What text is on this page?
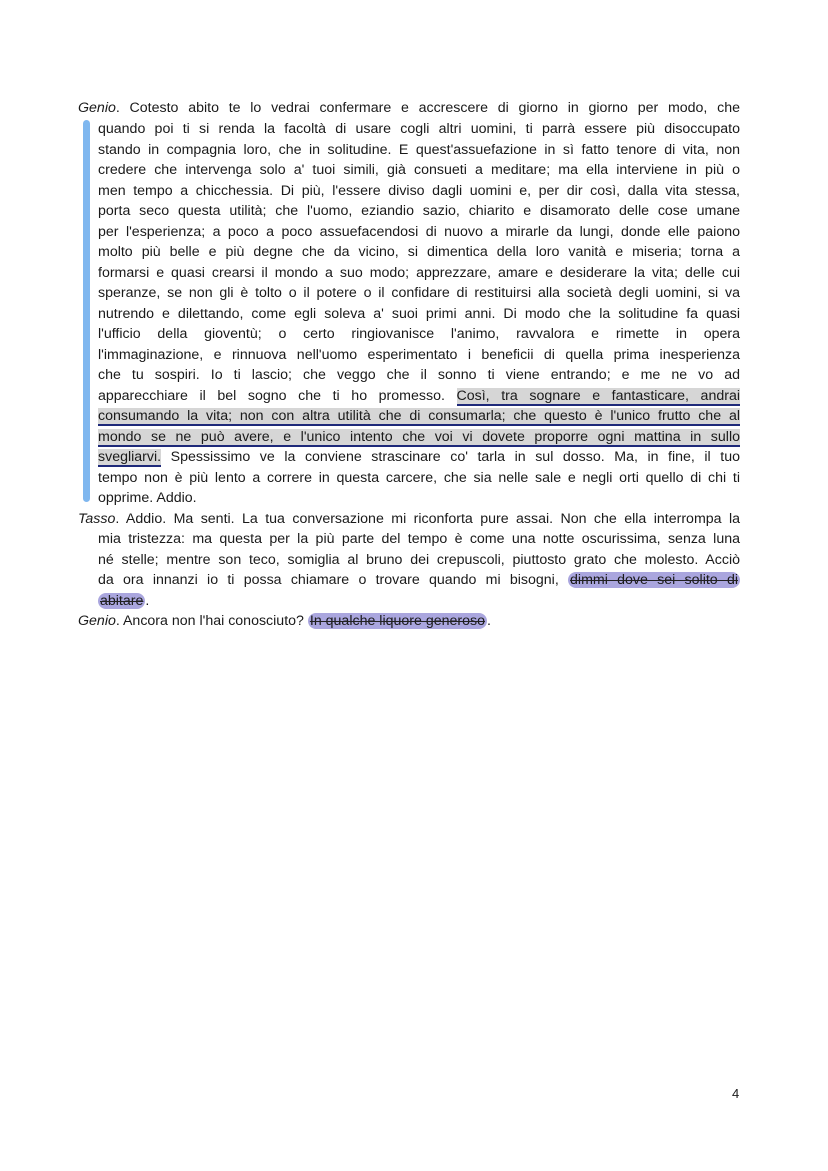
Genio. Cotesto abito te lo vedrai confermare e accrescere di giorno in giorno per modo, che
quando poi ti si renda la facoltà di usare cogli altri uomini, ti parrà essere più disoccupato
stando in compagnia loro, che in solitudine. E quest'assuefazione in sì fatto tenore di vita, non
credere che intervenga solo a' tuoi simili, già consueti a meditare; ma ella interviene in più o
men tempo a chicchessia. Di più, l'essere diviso dagli uomini e, per dir così, dalla vita stessa,
porta seco questa utilità; che l'uomo, eziandio sazio, chiarito e disamorato delle cose umane
per l'esperienza; a poco a poco assuefacendosi di nuovo a mirarle da lungi, donde elle paiono
molto più belle e più degne che da vicino, si dimentica della loro vanità e miseria; torna a
formarsi e quasi crearsi il mondo a suo modo; apprezzare, amare e desiderare la vita; delle cui
speranze, se non gli è tolto o il potere o il confidare di restituirsi alla società degli uomini, si va
nutrendo e dilettando, come egli soleva a' suoi primi anni. Di modo che la solitudine fa quasi
l'ufficio della gioventù; o certo ringiovanisce l'animo, ravvalora e rimette in opera
l'immaginazione, e rinnuova nell'uomo esperimentato i beneficii di quella prima inesperienza
che tu sospiri. Io ti lascio; che veggo che il sonno ti viene entrando; e me ne vo ad
apparecchiare il bel sogno che ti ho promesso. Così, tra sognare e fantasticare, andrai
consumando la vita; non con altra utilità che di consumarla; che questo è l'unico frutto che al
mondo se ne può avere, e l'unico intento che voi vi dovete proporre ogni mattina in sullo
svegliarvi. Spessissimo ve la conviene strascinare co' tarla in sul dosso. Ma, in fine, il tuo
tempo non è più lento a correre in questa carcere, che sia nelle sale e negli orti quello di chi ti
opprime. Addio.
Tasso. Addio. Ma senti. La tua conversazione mi riconforta pure assai. Non che ella interrompa la
mia tristezza: ma questa per la più parte del tempo è come una notte oscurissima, senza luna
né stelle; mentre son teco, somiglia al bruno dei crepuscoli, piuttosto grato che molesto. Acciò
da ora innanzi io ti possa chiamare o trovare quando mi bisogni, dimmi dove sei solito di
abitare .
Genio. Ancora non l'hai conosciuto? In qualche liquore generoso .
4
